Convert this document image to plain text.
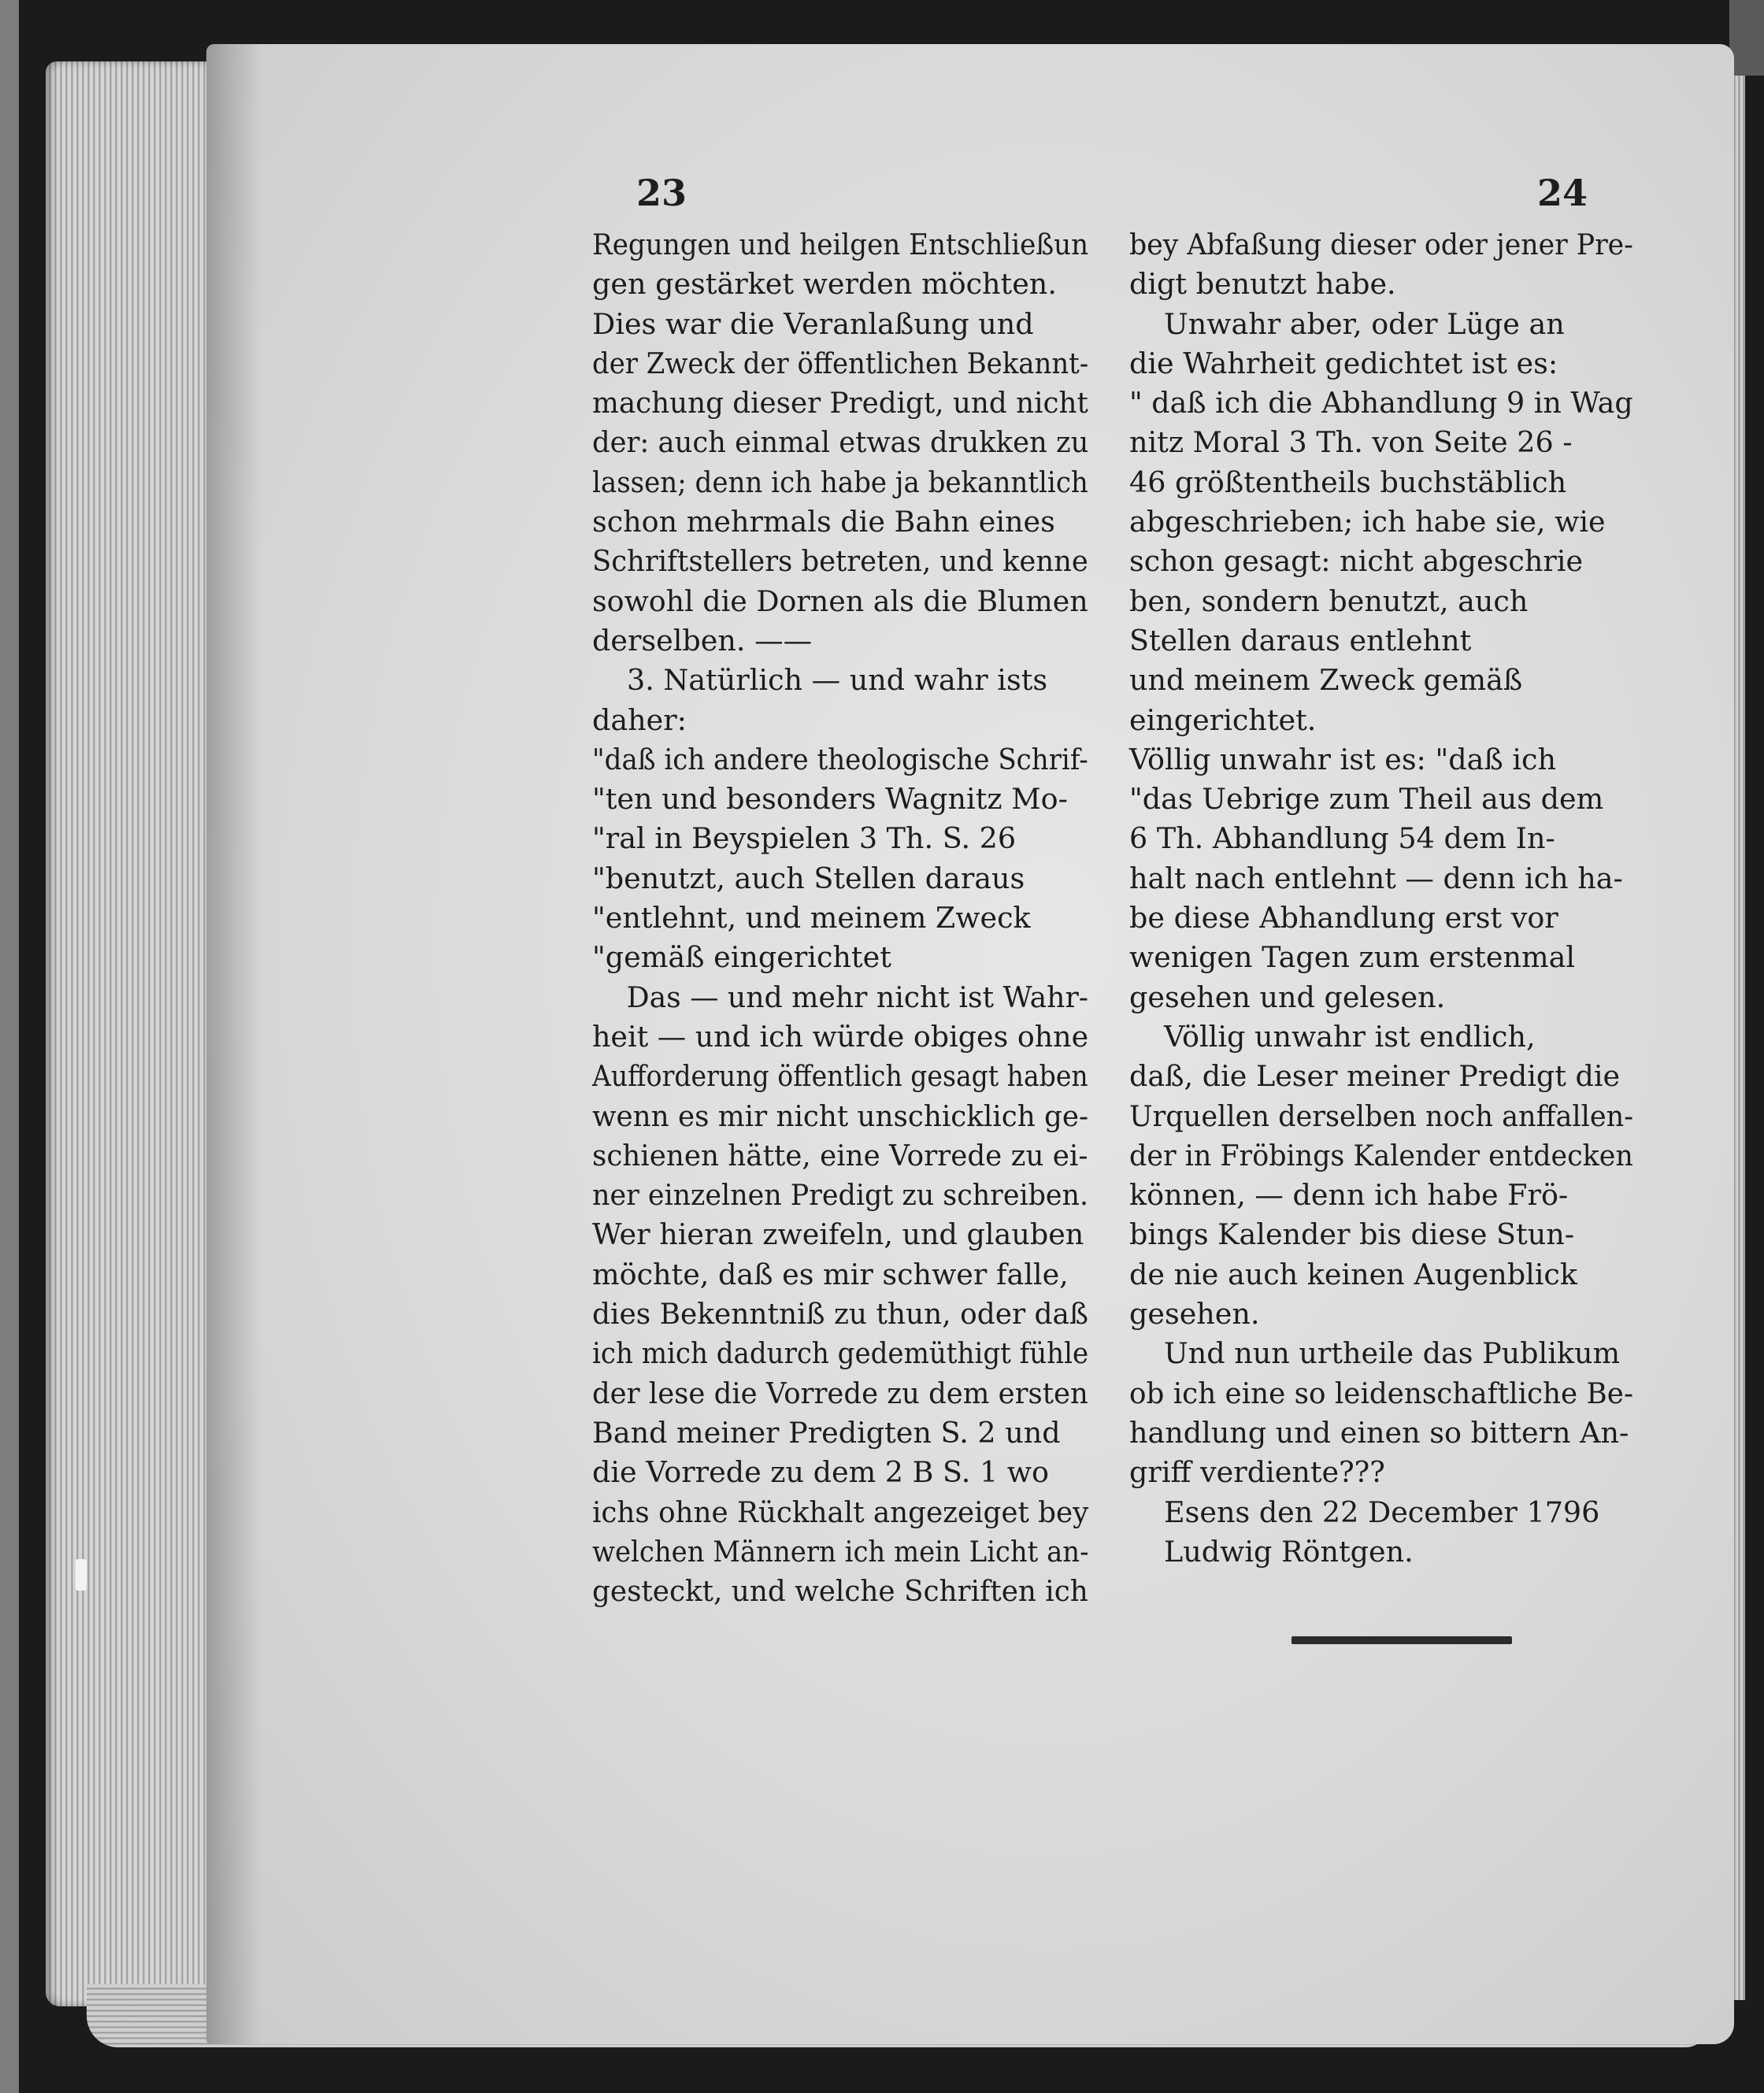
23	24
Regungen und heilgen Entschließun
gen gestärket werden möchten.
Dies war die Veranlaßung und
der Zweck der öffentlichen Bekannt-
machung dieser Predigt, und nicht
der: auch einmal etwas drukken zu
lassen; denn ich habe ja bekanntlich
schon mehrmals die Bahn eines
Schriftstellers betreten, und kenne
sowohl die Dornen als die Blumen
derselben. ——
3. Natürlich — und wahr ists
daher:
"daß ich andere theologische Schrif-
"ten und besonders Wagnitz Mo-
"ral in Beyspielen 3 Th. S. 26
"benutzt, auch Stellen daraus
"entlehnt, und meinem Zweck
"gemäß eingerichtet
Das — und mehr nicht ist Wahr-
heit — und ich würde obiges ohne
Aufforderung öffentlich gesagt haben
wenn es mir nicht unschicklich ge-
schienen hätte, eine Vorrede zu ei-
ner einzelnen Predigt zu schreiben.
Wer hieran zweifeln, und glauben
möchte, daß es mir schwer falle,
dies Bekenntniß zu thun, oder daß
ich mich dadurch gedemüthigt fühle
der lese die Vorrede zu dem ersten
Band meiner Predigten S. 2 und
die Vorrede zu dem 2 B S. 1 wo
ichs ohne Rückhalt angezeiget bey
welchen Männern ich mein Licht an-
gesteckt, und welche Schriften ich
bey Abfaßung dieser oder jener Pre-
digt benutzt habe.
Unwahr aber, oder Lüge an
die Wahrheit gedichtet ist es:
" daß ich die Abhandlung 9 in Wag
nitz Moral 3 Th. von Seite 26 -
46 größtentheils buchstäblich
abgeschrieben; ich habe sie, wie
schon gesagt: nicht abgeschrie
ben, sondern benutzt, auch
Stellen daraus entlehnt
und meinem Zweck gemäß
eingerichtet.
Völlig unwahr ist es: "daß ich
"das Uebrige zum Theil aus dem
6 Th. Abhandlung 54 dem In-
halt nach entlehnt — denn ich ha-
be diese Abhandlung erst vor
wenigen Tagen zum erstenmal
gesehen und gelesen.
Völlig unwahr ist endlich,
daß, die Leser meiner Predigt die
Urquellen derselben noch anffallen-
der in Fröbings Kalender entdecken
können, — denn ich habe Frö-
bings Kalender bis diese Stun-
de nie auch keinen Augenblick
gesehen.
Und nun urtheile das Publikum
ob ich eine so leidenschaftliche Be-
handlung und einen so bittern An-
griff verdiente???
Esens den 22 December 1796
Ludwig Röntgen.
